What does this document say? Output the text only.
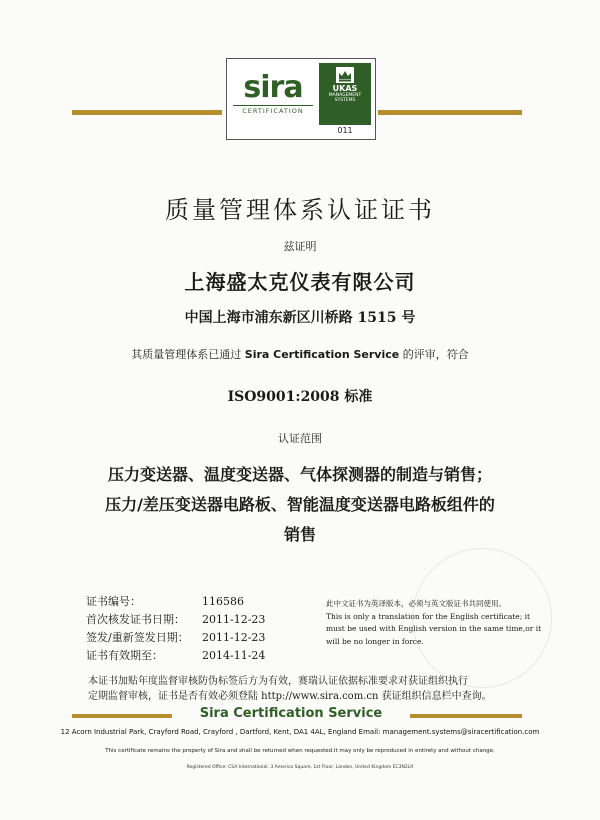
sira
CERTIFICATION
UKAS
MANAGEMENT
SYSTEMS
011
质量管理体系认证证书
兹证明
上海盛太克仪表有限公司
中国上海市浦东新区川桥路 1515 号
其质量管理体系已通过 Sira Certification Service 的评审，符合
ISO9001:2008 标准
认证范围
压力变送器、温度变送器、气体探测器的制造与销售；
压力/差压变送器电路板、智能温度变送器电路板组件的
销售
证书编号：	116586
首次核发证书日期：	2011-12-23
签发/重新签发日期：	2011-12-23
证书有效期至：	2014-11-24
此中文证书为英译版本，必须与英文版证书共同使用。
This is only a translation for the English certificate; it
must be used with English version in the same time,or it
will be no longer in force.
本证书加贴年度监督审核防伪标签后方为有效，赛瑞认证依据标准要求对获证组织执行
定期监督审核，证书是否有效必须登陆 http://www.sira.com.cn 获证组织信息栏中查询。
Sira Certification Service
12 Acorn Industrial Park, Crayford Road, Crayford , Dartford, Kent, DA1 4AL, England Email: management.systems@siracertification.com
This certificate remains the property of Sira and shall be returned when requested.It may only be reproduced in entirety and without change.
Registered Office: CSA International, 3 America Square, 1st Floor, London, United Kingdom EC3N2LR
